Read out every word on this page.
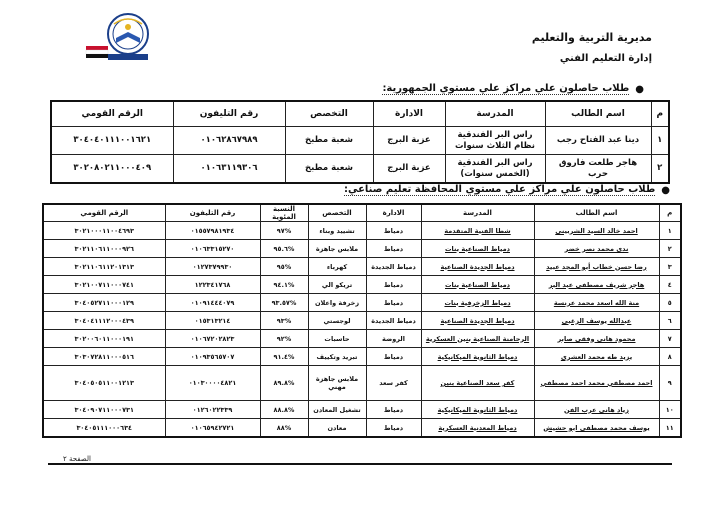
مديرية التربية والتعليم
إدارة التعليم الفني
●
طلاب حاصلون علي مراكز علي مستوي الجمهورية:
م	اسم الطالب	المدرسة	الادارة	التخصص	رقم التليفون	الرقم القومي
١	دينا عبد الفتاح رجب	راس البر الفندقية نظام الثلاث سنوات	عزبة البرج	شعبة مطبخ	٠١٠٦٢٨٦٧٩٨٩	٣٠٤٠٤٠١١١٠٠١٦٢١
٢	هاجر طلعت فاروق حرب	راس البر الفندقية (الخمس سنوات)	عزبة البرج	شعبة مطبخ	٠١٠٦٣١١٩٣٠٦	٣٠٢٠٨٠٢١١٠٠٠٤٠٩
●
طلاب حاصلون علي مراكز علي مستوي المحافظة تعليم صناعي:
م	اسم الطالب	المدرسة	الادارة	التخصص	النسبة المئوية	رقم التليفون	الرقم القومي
١	احمد خالد السيد الشربيني	شطا الفنية المتقدمة	دمياط	تشييد وبناء	٩٧%	٠١٥٥٧٩٨١٩٣٤	٣٠٢١٠٠٠١١٠٠٤٦٩٣
٢	ندي محمد نصر خضر	دمياط الصناعية بنات	دمياط	ملابس جاهزة	٩٥.٦%	٠١٠٦٣٣١٥٢٧٠	٣٠٢١١٠٦١١٠٠٠٩٢٦
٣	رضا حسن خطاب أبو المجد عبيد	دمياط الجديدة الصناعية	دمياط الجديدة	كهرباء	٩٥%	٠١٢٧٣٧٩٩٣٠	٣٠٢١١٠٦١١٢٠١٣١٣
٤	هاجر شريف مصطفي عبد البر	دمياط الصناعية بنات	دمياط	تريكو الي	٩٤.١%	١٢٢٣٤١٧٦٨	٣٠٢١٠٠٧١١٠٠٠٧٤١
٥	منة الله اسعد محمد عرنسة	دمياط الزخرفية بنات	دمياط	زخرفة واعلان	٩٣.٥٧%	٠١٠٩١٤٤٤٠٧٩	٣٠٤٠٥٢٧١١٠٠٠١٢٩
٦	عبدالله يوسف الزغبي	دمياط الجديدة الصناعية	دمياط الجديدة	لوجستي	٩٣%	٠١٥٣١٣٢١٤	٣٠٤٠٤١١١٢٠٠٠٤٣٩
٧	محمود هاني وفقي صابر	الرحامنة الصناعية بنين العسكرية	الروضة	حاسبات	٩٢%	٠١٠٦٧٢٠٢٨٢٣	٣٠٢٠٠٦٠١١٠٠٠١٩١
٨	يزيد طه محمد العشري	دمياط الثانوية الميكانيكية	دمياط	تبريد وتكييف	٩١.٤%	٠١٠٩٣٥٦٥٧٠٧	٣٠٣٠٧٢٨١١٠٠٠٥١٦
٩	احمد مصطفي محمد احمد مصطفي	كفر سعد الصناعية بنين	كفر سعد	ملابس جاهزة مهني	٨٩.٨%	٠١٠٣٠٠٠٠٤٨٢١	٣٠٤٠٥٠٥١١٠٠١٢١٣
١٠	زياد هاني عرب الفن	دمياط الثانوية الميكانيكية	دمياط	تشغيل المعادن	٨٨.٨%	٠١٢٦٠٢٢٣٣٩	٣٠٤٠٩٠٧١١٠٠٠٧٣١
١١	يوسف محمد مصطفي ابو حشيش	دمياط المعدنية العسكرية	دمياط	معادن	٨٨%	٠١٠٦٥٩٤٢٧٢١	٣٠٤٠٥١١١٠٠٠٦٣٤
الصفحة ٢
